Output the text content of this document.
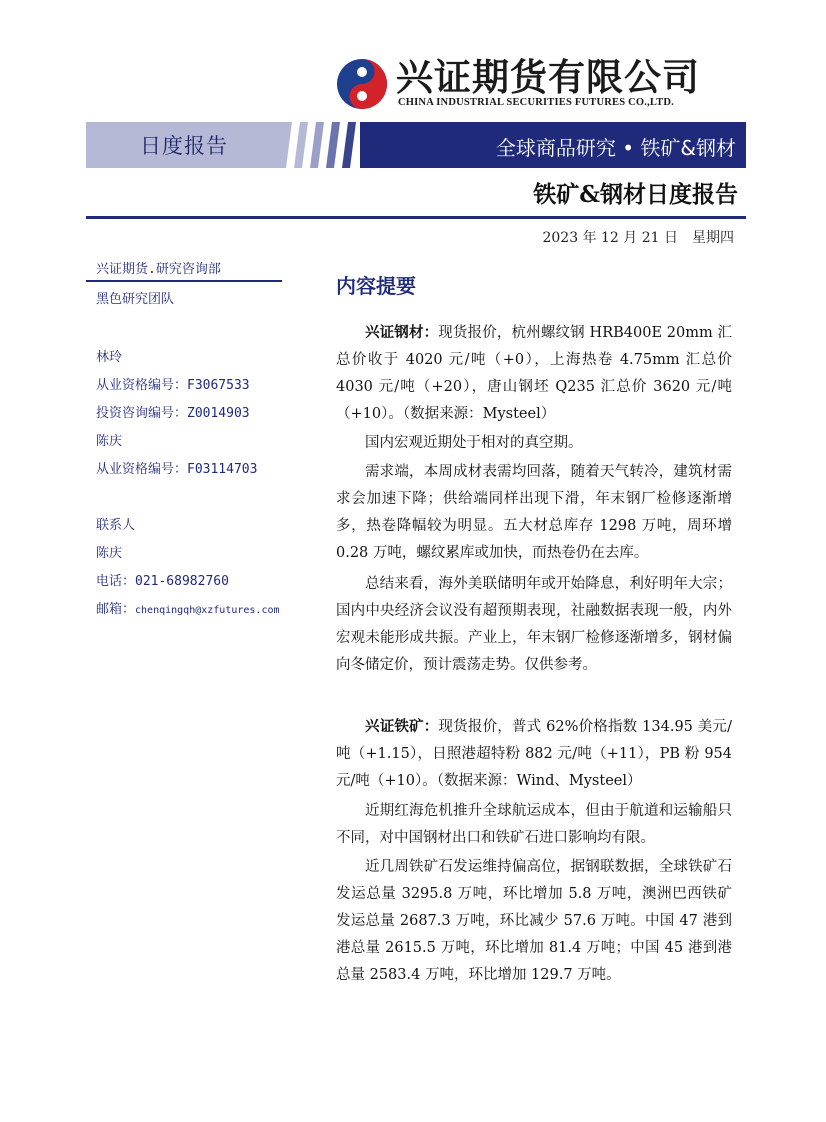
兴证期货有限公司
CHINA INDUSTRIAL SECURITIES FUTURES CO.,LTD.
日度报告	全球商品研究 • 铁矿&钢材
铁矿&钢材日度报告
2023 年 12 月 21 日　星期四
兴证期货.研究咨询部
黑色研究团队
林玲
从业资格编号：F3067533
投资咨询编号：Z0014903
陈庆
从业资格编号：F03114703
联系人
陈庆
电话：021-68982760
邮箱：chenqingqh@xzfutures.com
内容提要

兴证钢材：现货报价，杭州螺纹钢 HRB400E 20mm 汇总价收于 4020 元/吨（+0），上海热卷 4.75mm 汇总价 4030 元/吨（+20），唐山钢坯 Q235 汇总价 3620 元/吨（+10）。（数据来源：Mysteel）

国内宏观近期处于相对的真空期。

需求端，本周成材表需均回落，随着天气转冷，建筑材需求会加速下降；供给端同样出现下滑，年末钢厂检修逐渐增多，热卷降幅较为明显。五大材总库存 1298 万吨，周环增 0.28 万吨，螺纹累库或加快，而热卷仍在去库。

总结来看，海外美联储明年或开始降息，利好明年大宗；国内中央经济会议没有超预期表现，社融数据表现一般，内外宏观未能形成共振。产业上，年末钢厂检修逐渐增多，钢材偏向冬储定价，预计震荡走势。仅供参考。

兴证铁矿：现货报价，普式 62%价格指数 134.95 美元/吨（+1.15），日照港超特粉 882 元/吨（+11），PB 粉 954 元/吨（+10）。（数据来源：Wind、Mysteel）

近期红海危机推升全球航运成本，但由于航道和运输船只不同，对中国钢材出口和铁矿石进口影响均有限。

近几周铁矿石发运维持偏高位，据钢联数据，全球铁矿石发运总量 3295.8 万吨，环比增加 5.8 万吨，澳洲巴西铁矿发运总量 2687.3 万吨，环比减少 57.6 万吨。中国 47 港到港总量 2615.5 万吨，环比增加 81.4 万吨；中国 45 港到港总量 2583.4 万吨，环比增加 129.7 万吨。
